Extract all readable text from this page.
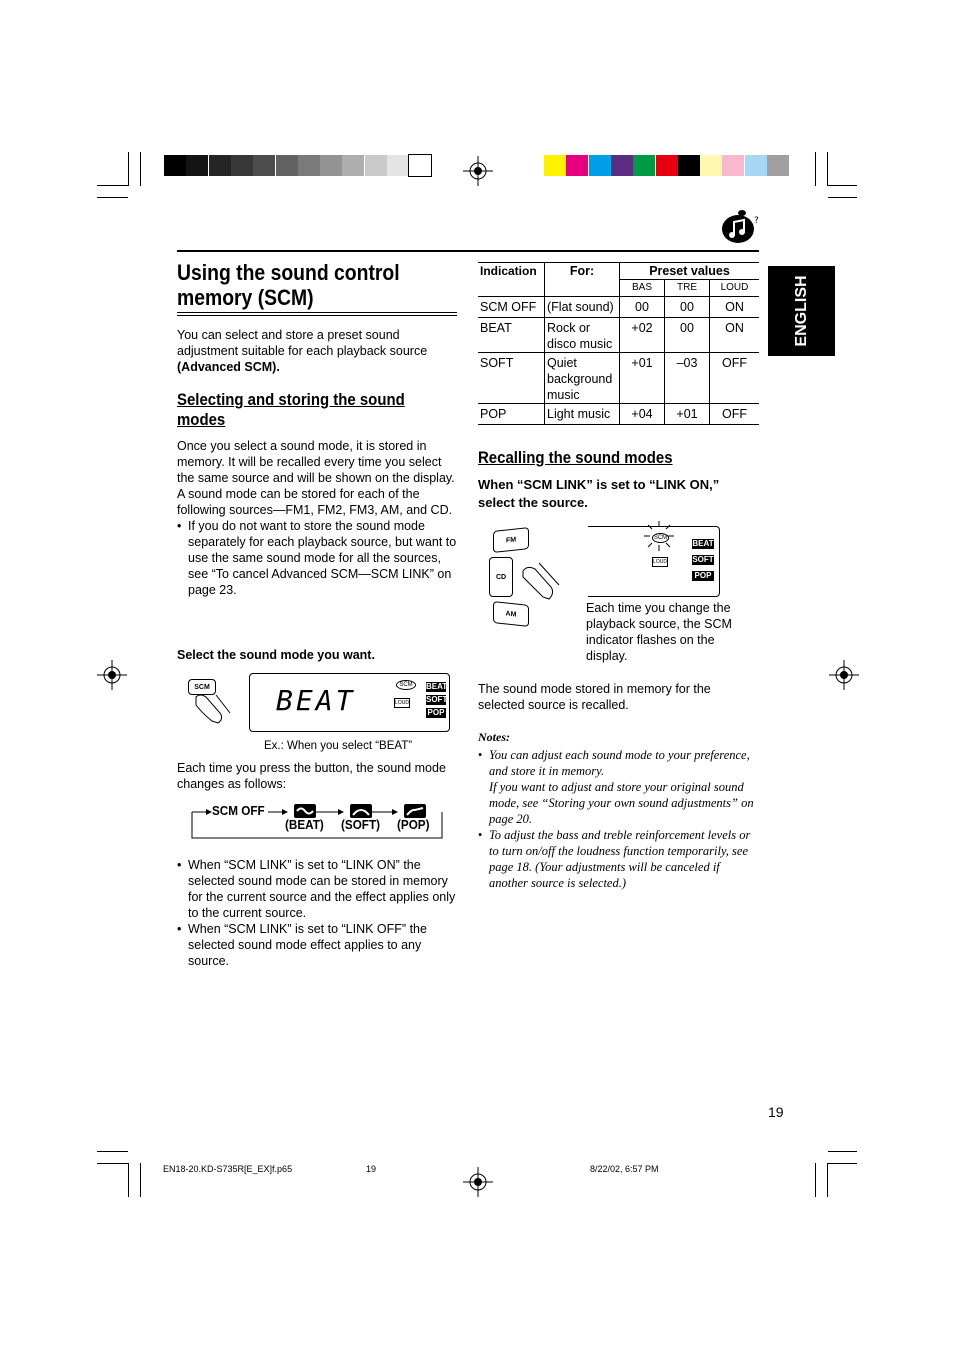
?
ENGLISH
Using the sound control
memory (SCM)
You can select and store a preset sound adjustment suitable for each playback source (Advanced SCM).
Selecting and storing the sound modes
Once you select a sound mode, it is stored in memory. It will be recalled every time you select the same source and will be shown on the display.
A sound mode can be stored for each of the following sources—FM1, FM2, FM3, AM, and CD.
• If you do not want to store the sound mode separately for each playback source, but want to use the same sound mode for all the sources, see “To cancel Advanced SCM—SCM LINK” on page 23.
Select the sound mode you want.
SCM BEAT	SCM
LOUD
BEAT
SOFT
POP
Ex.: When you select “BEAT”
Each time you press the button, the sound mode changes as follows:
SCM OFF
(BEAT) (SOFT) (POP)
• When “SCM LINK” is set to “LINK ON” the selected sound mode can be stored in memory for the current source and the effect applies only to the current source.
• When “SCM LINK” is set to “LINK OFF” the selected sound mode effect applies to any source.
Indication	For:	Preset values		
		BAS	TRE	LOUD
SCM OFF	(Flat sound)	00	00	ON
BEAT	Rock or disco music	+02	00	ON
SOFT	Quiet background music	+01	–03	OFF
POP	Light music	+04	+01	OFF
Recalling the sound modes
When “SCM LINK” is set to “LINK ON,” select the source.
FM
CD
AM
SCM
LOUD
BEAT
SOFT
POP
Each time you change the playback source, the SCM indicator flashes on the display.
The sound mode stored in memory for the selected source is recalled.
Notes:
• You can adjust each sound mode to your preference, and store it in memory.
If you want to adjust and store your original sound mode, see “Storing your own sound adjustments” on page 20.
• To adjust the bass and treble reinforcement levels or to turn on/off the loudness function temporarily, see page 18. (Your adjustments will be canceled if another source is selected.)
19
EN18-20.KD-S735R[E_EX]f.p65	19	8/22/02, 6:57 PM
